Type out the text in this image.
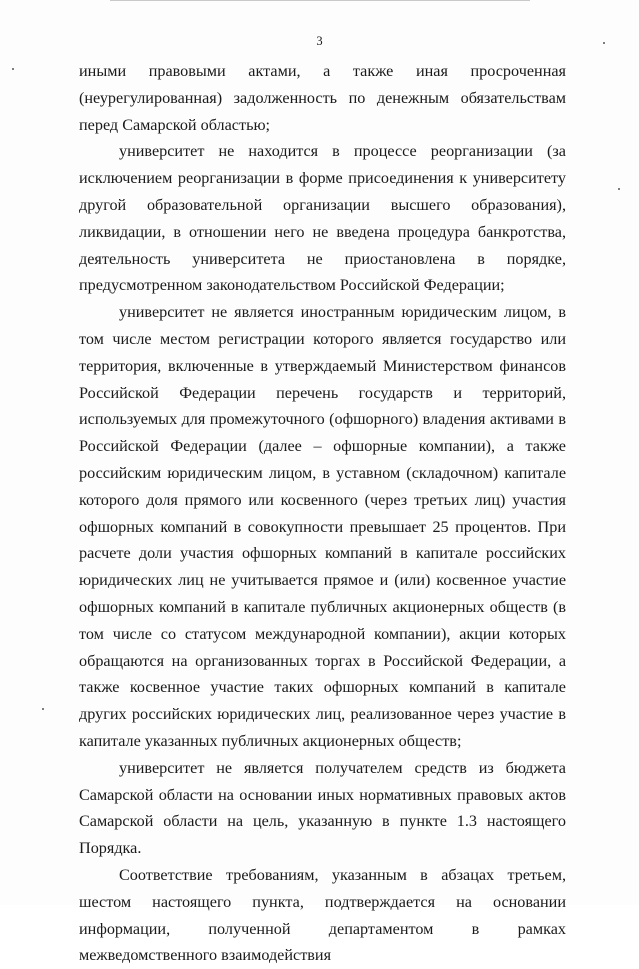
3

иными правовыми актами, а также иная просроченная (неурегулированная) задолженность по денежным обязательствам перед Самарской областью;

университет не находится в процессе реорганизации (за исключением реорганизации в форме присоединения к университету другой образовательной организации высшего образования), ликвидации, в отношении него не введена процедура банкротства, деятельность университета не приостановлена в порядке, предусмотренном законодательством Российской Федерации;

университет не является иностранным юридическим лицом, в том числе местом регистрации которого является государство или территория, включенные в утверждаемый Министерством финансов Российской Федерации перечень государств и территорий, используемых для промежуточного (офшорного) владения активами в Российской Федерации (далее – офшорные компании), а также российским юридическим лицом, в уставном (складочном) капитале которого доля прямого или косвенного (через третьих лиц) участия офшорных компаний в совокупности превышает 25 процентов. При расчете доли участия офшорных компаний в капитале российских юридических лиц не учитывается прямое и (или) косвенное участие офшорных компаний в капитале публичных акционерных обществ (в том числе со статусом международной компании), акции которых обращаются на организованных торгах в Российской Федерации, а также косвенное участие таких офшорных компаний в капитале других российских юридических лиц, реализованное через участие в капитале указанных публичных акционерных обществ;

университет не является получателем средств из бюджета Самарской области на основании иных нормативных правовых актов Самарской области на цель, указанную в пункте 1.3 настоящего Порядка.

Соответствие требованиям, указанным в абзацах третьем, шестом настоящего пункта, подтверждается на основании информации, полученной департаментом в рамках межведомственного взаимодействия
